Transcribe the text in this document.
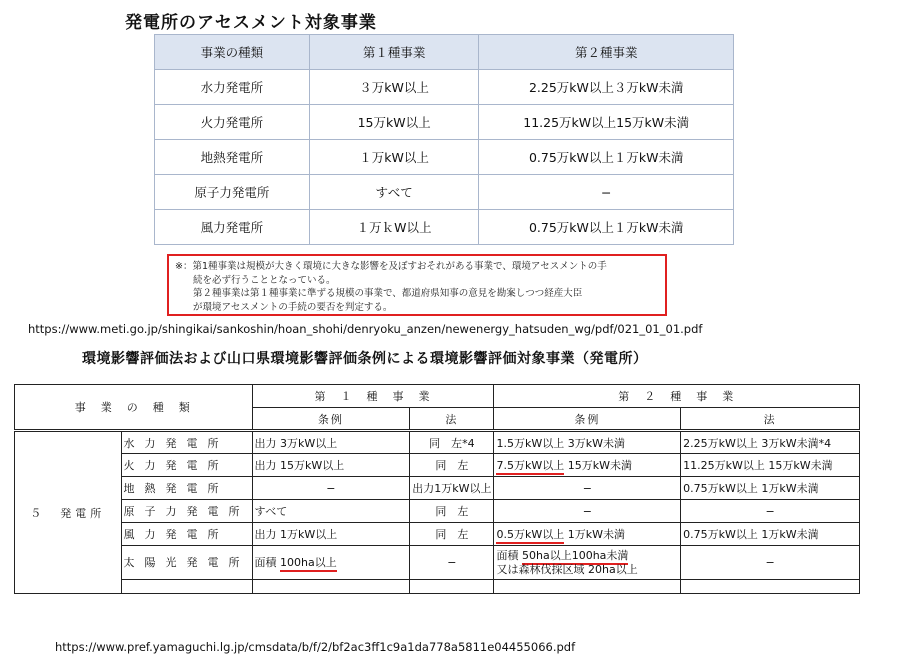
発電所のアセスメント対象事業
事業の種類	第１種事業	第２種事業
水力発電所	３万kW以上	2.25万kW以上３万kW未満
火力発電所	15万kW以上	11.25万kW以上15万kW未満
地熱発電所	１万kW以上	0.75万kW以上１万kW未満
原子力発電所	すべて	−
風力発電所	１万ｋW以上	0.75万kW以上１万kW未満
※：第1種事業は規模が大きく環境に大きな影響を及ぼすおそれがある事業で、環境アセスメントの手
続を必ず行うこととなっている。
第２種事業は第１種事業に準ずる規模の事業で、都道府県知事の意見を勘案しつつ経産大臣
が環境アセスメントの手続の要否を判定する。
https://www.meti.go.jp/shingikai/sankoshin/hoan_shohi/denryoku_anzen/newenergy_hatsuden_wg/pdf/021_01_01.pdf
環境影響評価法および山口県環境影響評価条例による環境影響評価対象事業（発電所）
事　業　の　種　類		第　１　種　事　業		第　２　種　事　業	
		条例	法	条例	法
５　発電所	水力発電所	出力 3万kW以上	同　左*4	1.5万kW以上 3万kW未満	2.25万kW以上 3万kW未満*4
	火力発電所	出力 15万kW以上	同　左	7.5万kW以上 15万kW未満	11.25万kW以上 15万kW未満
	地熱発電所	−	出力1万kW以上	−	0.75万kW以上 1万kW未満
	原子力発電所	すべて	同　左	−	−
	風力発電所	出力 1万kW以上	同　左	0.5万kW以上 1万kW未満	0.75万kW以上 1万kW未満
	太陽光発電所	面積 100ha以上	−	面積 50ha以上100ha未満
又は森林伐採区域 20ha以上	−

https://www.pref.yamaguchi.lg.jp/cmsdata/b/f/2/bf2ac3ff1c9a1da778a5811e04455066.pdf
